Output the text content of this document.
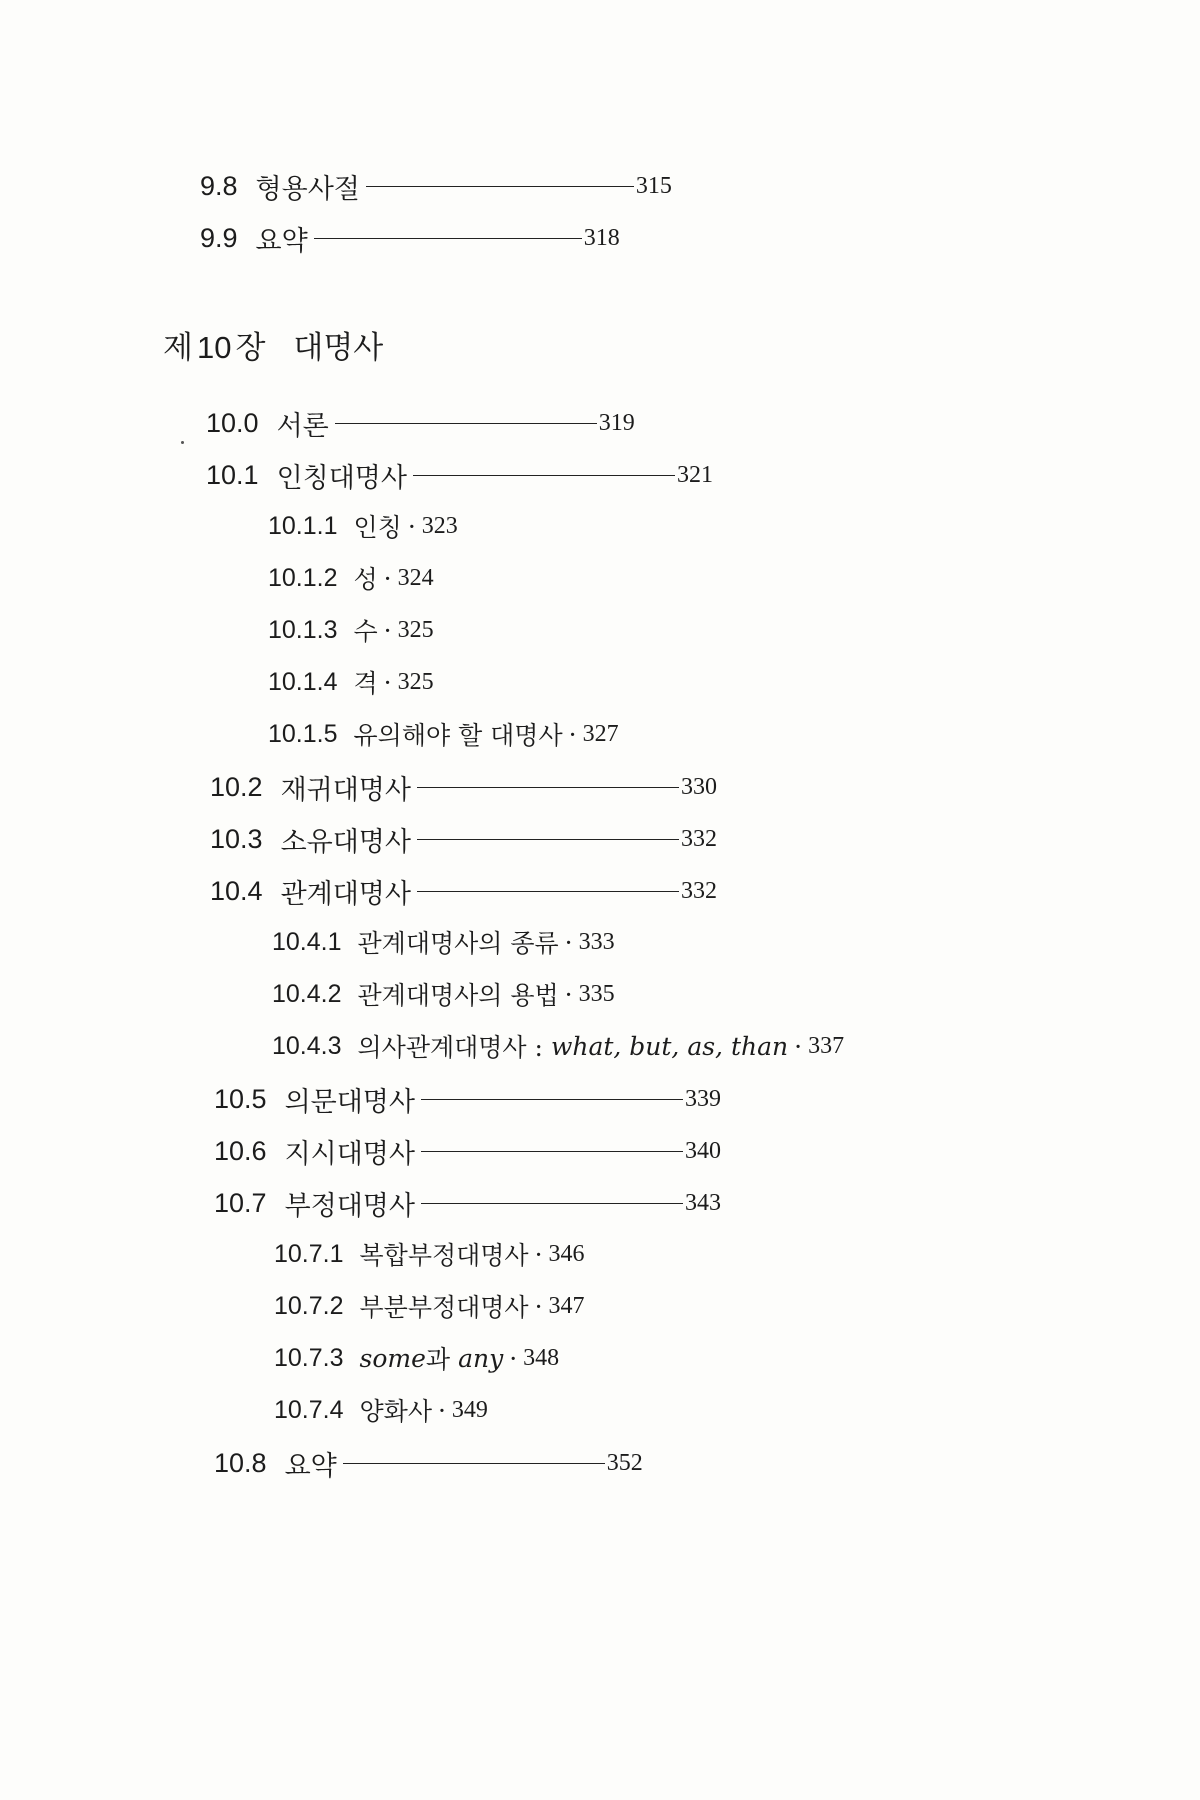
9.8 형용사절	315
9.9 요약	318
제 10 장 대명사
10.0 서론	319
10.1 인칭대명사	321
10.1.1 인칭 · 323
10.1.2 성 · 324
10.1.3 수 · 325
10.1.4 격 · 325
10.1.5 유의해야 할 대명사 · 327
10.2 재귀대명사	330
10.3 소유대명사	332
10.4 관계대명사	332
10.4.1 관계대명사의 종류 · 333
10.4.2 관계대명사의 용법 · 335
10.4.3 의사관계대명사 : what, but, as, than · 337
10.5 의문대명사	339
10.6 지시대명사	340
10.7 부정대명사	343
10.7.1 복합부정대명사 · 346
10.7.2 부분부정대명사 · 347
10.7.3 some 과 any · 348
10.7.4 양화사 · 349
10.8 요약	352
